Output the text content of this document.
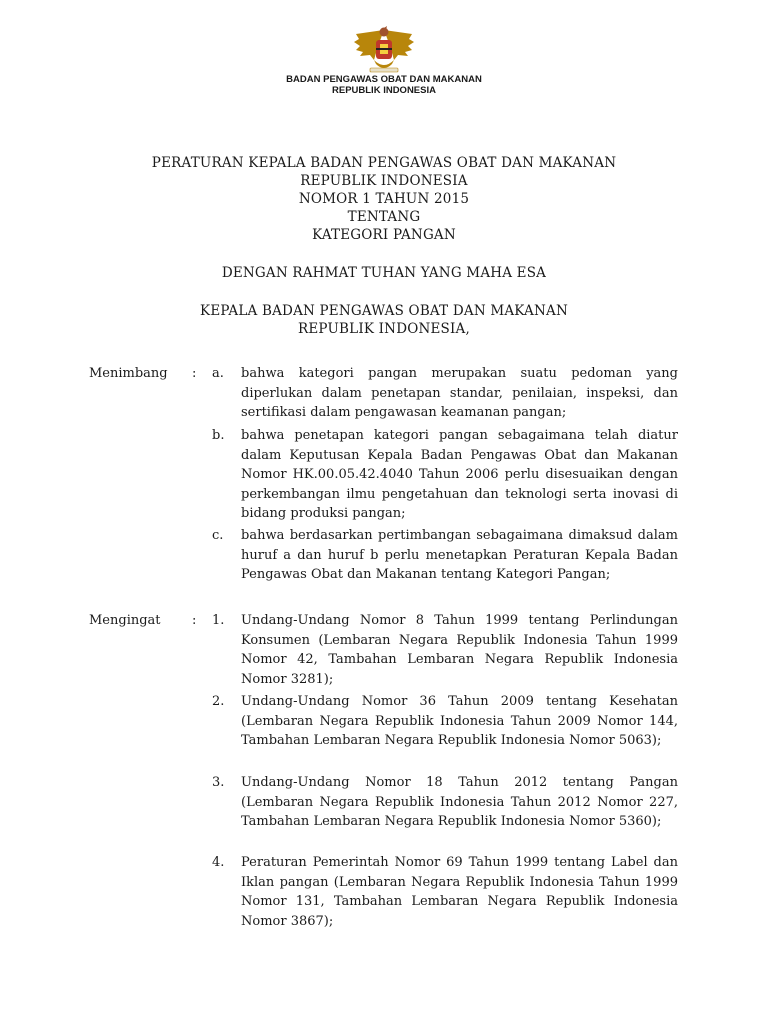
BADAN PENGAWAS OBAT DAN MAKANAN
REPUBLIK INDONESIA
PERATURAN KEPALA BADAN PENGAWAS OBAT DAN MAKANAN
REPUBLIK INDONESIA
NOMOR 1 TAHUN 2015
TENTANG
KATEGORI PANGAN
DENGAN RAHMAT TUHAN YANG MAHA ESA
KEPALA BADAN PENGAWAS OBAT DAN MAKANAN
REPUBLIK INDONESIA,
Menimbang : a. bahwa kategori pangan merupakan suatu pedoman yang diperlukan dalam penetapan standar, penilaian, inspeksi, dan sertifikasi dalam pengawasan keamanan pangan;
b. bahwa penetapan kategori pangan sebagaimana telah diatur dalam Keputusan Kepala Badan Pengawas Obat dan Makanan Nomor HK.00.05.42.4040 Tahun 2006 perlu disesuaikan dengan perkembangan ilmu pengetahuan dan teknologi serta inovasi di bidang produksi pangan;
c. bahwa berdasarkan pertimbangan sebagaimana dimaksud dalam huruf a dan huruf b perlu menetapkan Peraturan Kepala Badan Pengawas Obat dan Makanan tentang Kategori Pangan;
Mengingat : 1. Undang-Undang Nomor 8 Tahun 1999 tentang Perlindungan Konsumen (Lembaran Negara Republik Indonesia Tahun 1999 Nomor 42, Tambahan Lembaran Negara Republik Indonesia Nomor 3281);
2. Undang-Undang Nomor 36 Tahun 2009 tentang Kesehatan (Lembaran Negara Republik Indonesia Tahun 2009 Nomor 144, Tambahan Lembaran Negara Republik Indonesia Nomor 5063);
3. Undang-Undang Nomor 18 Tahun 2012 tentang Pangan (Lembaran Negara Republik Indonesia Tahun 2012 Nomor 227, Tambahan Lembaran Negara Republik Indonesia Nomor 5360);
4. Peraturan Pemerintah Nomor 69 Tahun 1999 tentang Label dan Iklan pangan (Lembaran Negara Republik Indonesia Tahun 1999 Nomor 131, Tambahan Lembaran Negara Republik Indonesia Nomor 3867);
